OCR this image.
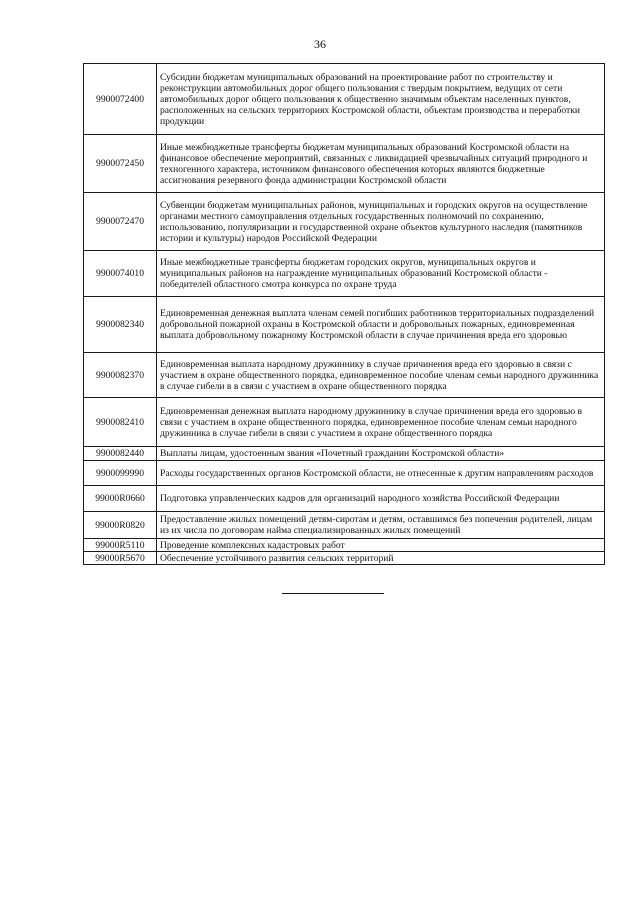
36
9900072400	Субсидии бюджетам муниципальных образований на проектирование работ по строительству и реконструкции автомобильных дорог общего пользования с твердым покрытием, ведущих от сети автомобильных дорог общего пользования к общественно значимым объектам населенных пунктов, расположенных на сельских территориях Костромской области, объектам производства и переработки продукции
9900072450	Иные межбюджетные трансферты бюджетам муниципальных образований Костромской области на финансовое обеспечение мероприятий, связанных с ликвидацией чрезвычайных ситуаций природного и техногенного характера, источником финансового обеспечения которых являются бюджетные ассигнования резервного фонда администрации Костромской области
9900072470	Субвенции бюджетам муниципальных районов, муниципальных и городских округов на осуществление органами местного самоуправления отдельных государственных полномочий по сохранению, использованию, популяризации и государственной охране объектов культурного наследия (памятников истории и культуры) народов Российской Федерации
9900074010	Иные межбюджетные трансферты бюджетам городских округов, муниципальных округов и муниципальных районов на награждение муниципальных образований Костромской области - победителей областного смотра конкурса по охране труда
9900082340	Единовременная денежная выплата членам семей погибших работников территориальных подразделений добровольной пожарной охраны в Костромской области и добровольных пожарных, единовременная выплата добровольному пожарному Костромской области в случае причинения вреда его здоровью
9900082370	Единовременная выплата народному дружиннику в случае причинения вреда его здоровью в связи с участием в охране общественного порядка, единовременное пособие членам семьи народного дружинника в случае гибели в в связи с участием в охране общественного порядка
9900082410	Единовременная денежная выплата народному дружиннику в случае причинения вреда его здоровью в связи с участием в охране общественного порядка, единовременное пособие членам семьи народного дружинника в случае гибели в связи с участием в охране общественного порядка
9900082440	Выплаты лицам, удостоенным звания «Почетный гражданин Костромской области»
9900099990	Расходы государственных органов Костромской области, не отнесенные к другим направлениям расходов
99000R0660	Подготовка управленческих кадров для организаций народного хозяйства Российской Федерации
99000R0820	Предоставление жилых помещений детям-сиротам и детям, оставшимся без попечения родителей, лицам из их числа по договорам найма специализированных жилых помещений
99000R5110	Проведение комплексных кадастровых работ
99000R5670	Обеспечение устойчивого развития сельских территорий
